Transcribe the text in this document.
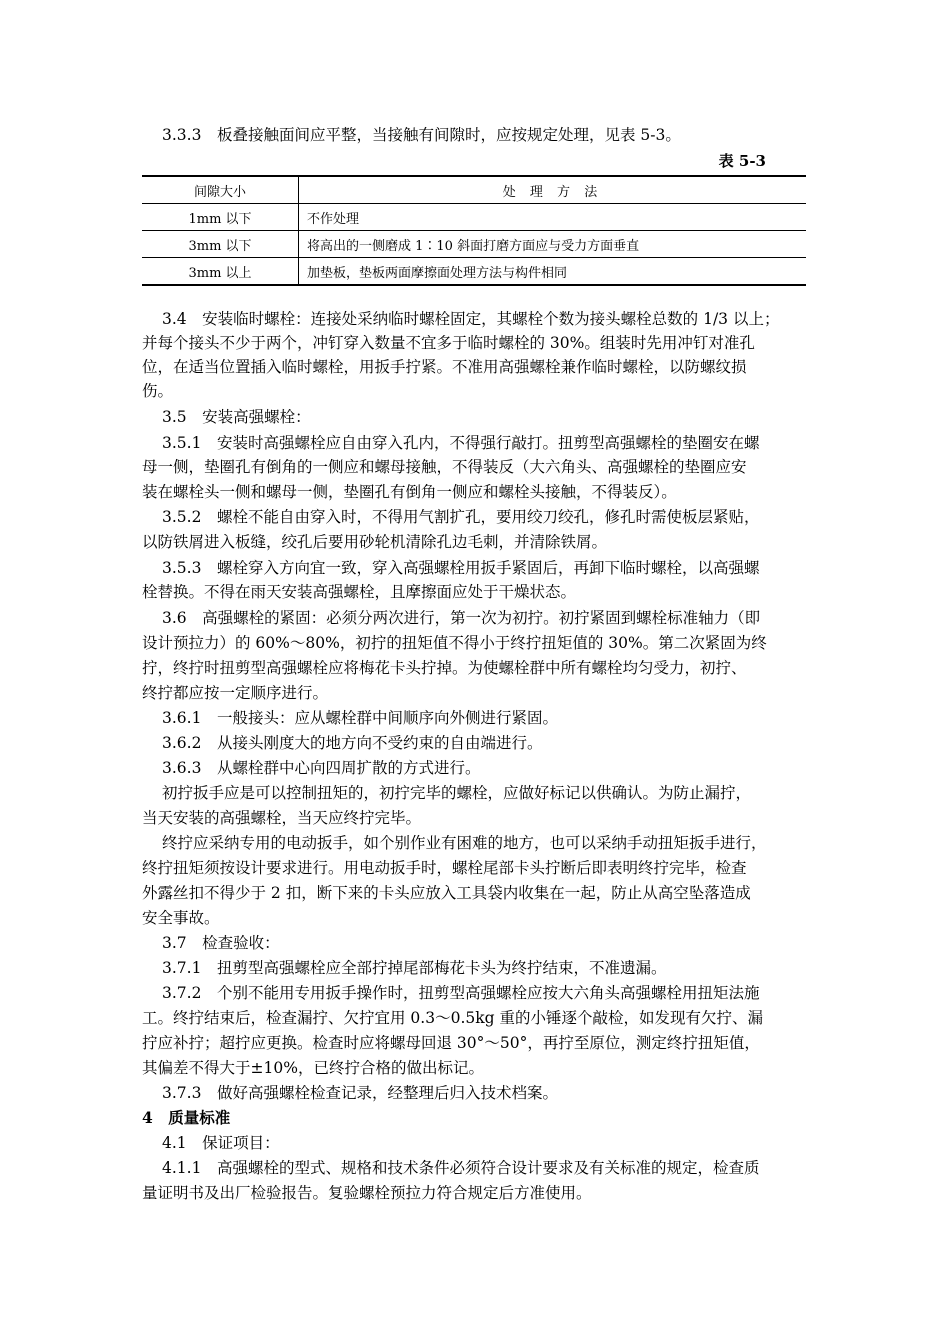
3.3.3　板叠接触面间应平整，当接触有间隙时，应按规定处理，见表 5-3。
表 5-3
间隙大小	处 理 方 法
1mm 以下	不作处理
3mm 以下	将高出的一侧磨成 1∶10 斜面打磨方面应与受力方面垂直
3mm 以上	加垫板，垫板两面摩擦面处理方法与构件相同
3.4　安装临时螺栓：连接处采纳临时螺栓固定，其螺栓个数为接头螺栓总数的 1/3 以上；
并每个接头不少于两个，冲钉穿入数量不宜多于临时螺栓的 30%。组装时先用冲钉对准孔
位，在适当位置插入临时螺栓，用扳手拧紧。不准用高强螺栓兼作临时螺栓，以防螺纹损
伤。
3.5　安装高强螺栓：
3.5.1　安装时高强螺栓应自由穿入孔内，不得强行敲打。扭剪型高强螺栓的垫圈安在螺
母一侧，垫圈孔有倒角的一侧应和螺母接触，不得装反（大六角头、高强螺栓的垫圈应安
装在螺栓头一侧和螺母一侧，垫圈孔有倒角一侧应和螺栓头接触，不得装反）。
3.5.2　螺栓不能自由穿入时，不得用气割扩孔，要用绞刀绞孔，修孔时需使板层紧贴，
以防铁屑进入板缝，绞孔后要用砂轮机清除孔边毛刺，并清除铁屑。
3.5.3　螺栓穿入方向宜一致，穿入高强螺栓用扳手紧固后，再卸下临时螺栓，以高强螺
栓替换。不得在雨天安装高强螺栓，且摩擦面应处于干燥状态。
3.6　高强螺栓的紧固：必须分两次进行，第一次为初拧。初拧紧固到螺栓标准轴力（即
设计预拉力）的 60%～80%，初拧的扭矩值不得小于终拧扭矩值的 30%。第二次紧固为终
拧，终拧时扭剪型高强螺栓应将梅花卡头拧掉。为使螺栓群中所有螺栓均匀受力，初拧、
终拧都应按一定顺序进行。
3.6.1　一般接头：应从螺栓群中间顺序向外侧进行紧固。
3.6.2　从接头刚度大的地方向不受约束的自由端进行。
3.6.3　从螺栓群中心向四周扩散的方式进行。
初拧扳手应是可以控制扭矩的，初拧完毕的螺栓，应做好标记以供确认。为防止漏拧，
当天安装的高强螺栓，当天应终拧完毕。
终拧应采纳专用的电动扳手，如个别作业有困难的地方，也可以采纳手动扭矩扳手进行，
终拧扭矩须按设计要求进行。用电动扳手时，螺栓尾部卡头拧断后即表明终拧完毕，检查
外露丝扣不得少于 2 扣，断下来的卡头应放入工具袋内收集在一起，防止从高空坠落造成
安全事故。
3.7　检查验收：
3.7.1　扭剪型高强螺栓应全部拧掉尾部梅花卡头为终拧结束，不准遗漏。
3.7.2　个别不能用专用扳手操作时，扭剪型高强螺栓应按大六角头高强螺栓用扭矩法施
工。终拧结束后，检查漏拧、欠拧宜用 0.3～0.5kg 重的小锤逐个敲检，如发现有欠拧、漏
拧应补拧；超拧应更换。检查时应将螺母回退 30°～50°，再拧至原位，测定终拧扭矩值，
其偏差不得大于±10%，已终拧合格的做出标记。
3.7.3　做好高强螺栓检查记录，经整理后归入技术档案。
4　质量标准
4.1　保证项目：
4.1.1　高强螺栓的型式、规格和技术条件必须符合设计要求及有关标准的规定，检查质
量证明书及出厂检验报告。复验螺栓预拉力符合规定后方准使用。
